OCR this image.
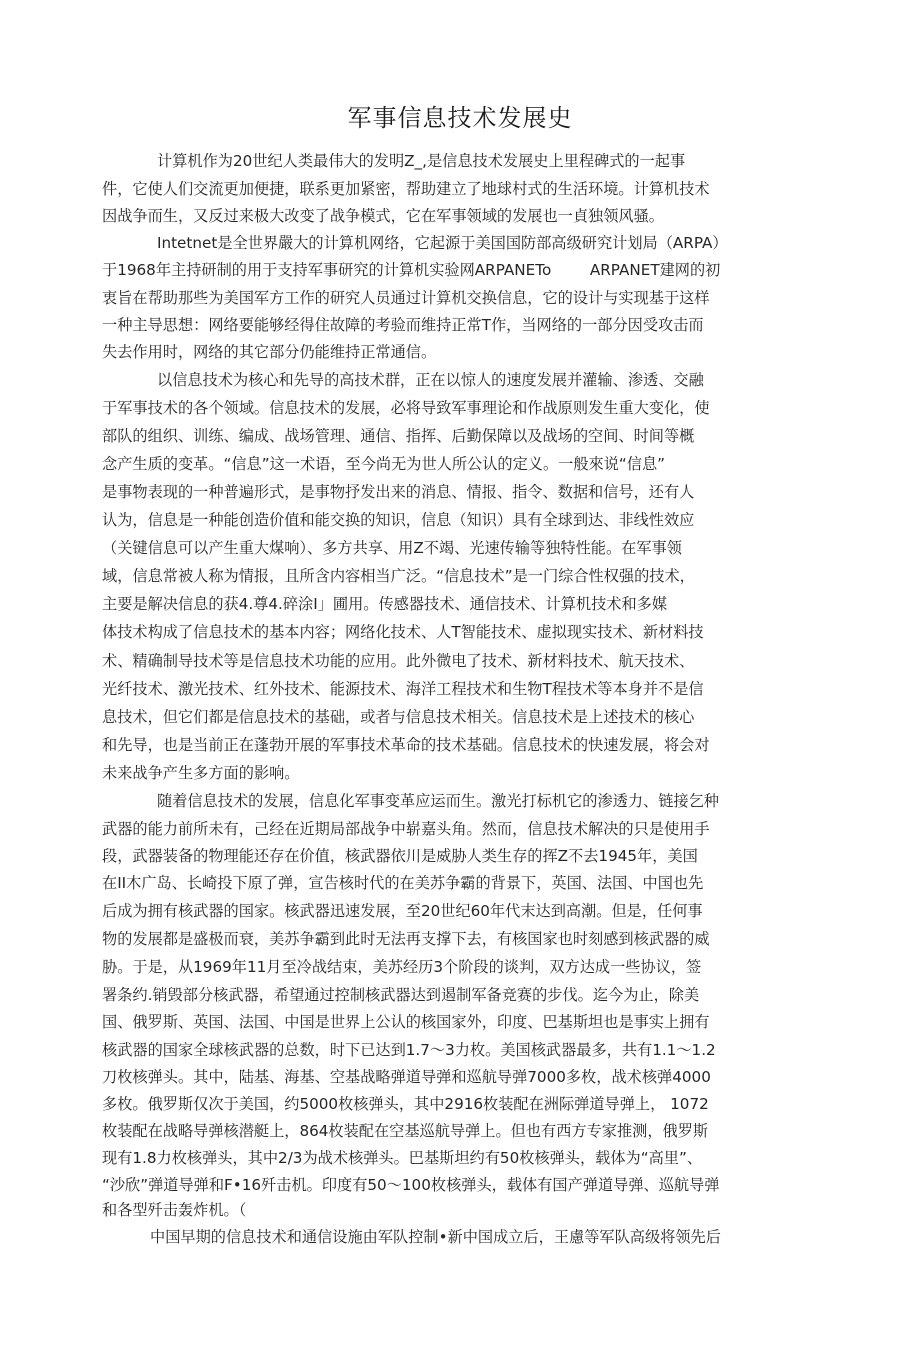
军事信息技术发展史
计算机作为20世纪人类最伟大的发明Z_,是信息技术发展史上里程碑式的一起事
件，它使人们交流更加便捷，联系更加紧密，帮助建立了地球村式的生活环境。计算机技术
因战争而生，又反过来极大改变了战争模式，它在军事领域的发展也一貞独领风骚。
Intetnet是全世界嚴大的计算机网络，它起源于美国国防部高级研究计划局（ARPA）
于1968年主持研制的用于支持军事研究的计算机实验网ARPANETo        ARPANET建网的初
衷旨在帮助那些为美国军方工作的研究人员通过计算机交换信息，它的设计与实现基于这样
一种主导思想：网络要能够经得住故障的考验而维持正常T作，当网络的一部分因受攻击而
失去作用时，网络的其它部分仍能维持正常通信。
以信息技术为核心和先导的高技术群，正在以惊人的速度发展并灌输、渗透、交融
于军事技术的各个领域。信息技术的发展，必将导致军事理论和作战原则发生重大变化，使
部队的组织、训练、编成、战场管理、通信、指挥、后勤保障以及战场的空间、时间等概
念产生质的变革。“信息”这一术语，至今尚无为世人所公认的定义。一般來说“信息”
是事物表现的一种普遍形式，是事物抒发出来的消息、情报、指令、数据和信号，还有人
认为，信息是一种能创造价值和能交换的知识，信息（知识）具有全球到达、非线性效应
（关键信息可以产生重大煤响）、多方共享、用Z不竭、光速传输等独特性能。在军事领
域，信息常被人称为情报，且所含内容相当广泛。“信息技术”是一门综合性权强的技术，
主要是解决信息的获4.尊4.碎涂I」圃用。传感器技术、通信技术、计算机技术和多媒
体技术构成了信息技术的基本内容；网络化技术、人T智能技术、虚拟现实技术、新材料技
术、精确制导技术等是信息技术功能的应用。此外微电了技术、新材料技术、航天技术、
光纤技术、激光技术、红外技术、能源技术、海洋工程技术和生物T程技术等本身并不是信
息技术，但它们都是信息技术的基础，或者与信息技术相关。信息技术是上述技术的核心
和先导，也是当前正在蓬勃开展的军事技术革命的技术基础。信息技术的快速发展，将会对
未来战争产生多方面的影响。
随着信息技术的发展，信息化军事变革应运而生。激光打标机它的渗透力、链接乞种
武器的能力前所未有，己经在近期局部战争中崭嘉头角。然而，信息技术解决的只是使用手
段，武器装备的物理能还存在价值，核武器依川是威胁人类生存的挥Z不去1945年，美国
在II木广岛、长崎投下原了弹，宣告核时代的在美苏争霸的背景下，英国、法国、中国也先
后成为拥有核武器的国家。核武器迅速发展，至20世纪60年代末达到高潮。但是，任何事
物的发展都是盛极而衰，美苏争霸到此时无法再支撑下去，有核国家也时刻感到核武器的威
胁。于是，从1969年11月至冷战结束，美苏经历3个阶段的谈判，双方达成一些协议，签
署条约.销毁部分核武器，希望通过控制核武器达到遏制军备竞赛的步伐。迄今为止，除美
国、俄罗斯、英国、法国、中国是世界上公认的核国家外，印度、巴基斯坦也是事实上拥有
核武器的国家全球核武器的总数，时下已达到1.7～3力枚。美国核武器最多，共有1.1～1.2
刀枚核弹头。其中，陆基、海基、空基战略弹道导弹和巡航导弹7000多枚，战术核弹4000
多枚。俄罗斯仅次于美国，约5000枚核弹头，其中2916枚装配在洲际弹道导弹上， 1072
枚装配在战略导弹核潜艇上，864枚装配在空基巡航导弹上。但也有西方专家推测，俄罗斯
现有1.8力枚核弹头，其中2/3为战术核弹头。巴基斯坦约有50枚核弹头，载体为“高里”、
“沙欣”弹道导弹和F•16歼击机。印度有50～100枚核弹头，载体有国产弹道导弹、巡航导弹
和各型歼击轰炸机。（
中国早期的信息技术和通信设施由军队控制•新中国成立后，王慮等军队高级将领先后
